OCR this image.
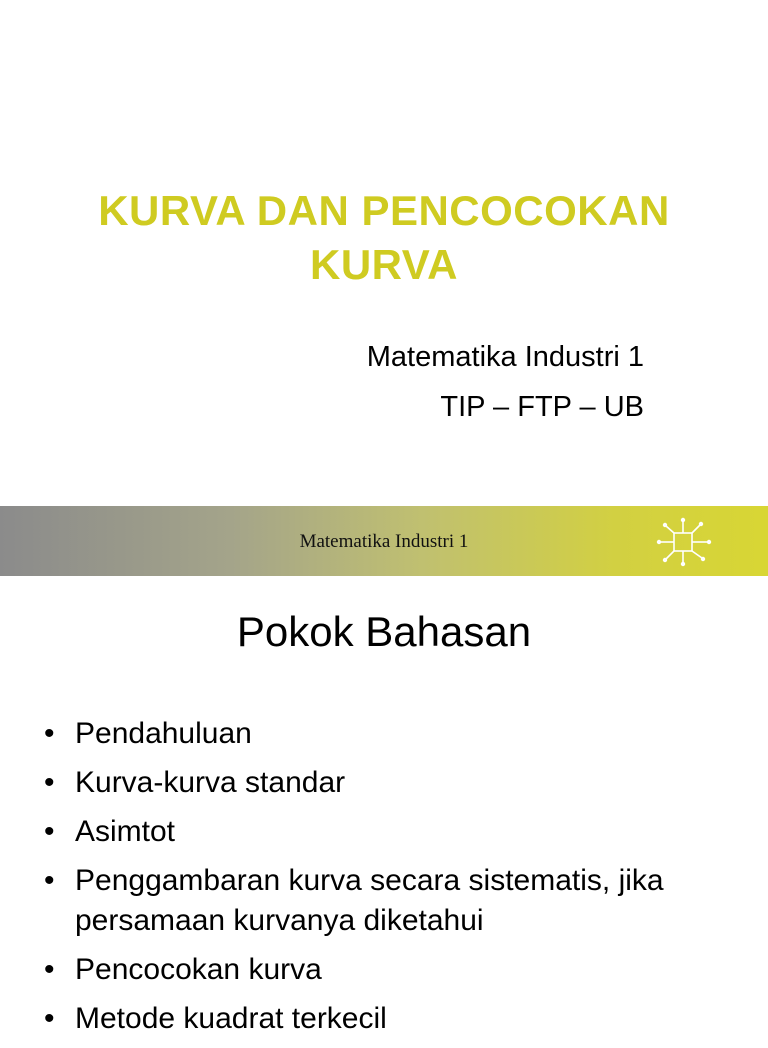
KURVA DAN PENCOCOKAN
KURVA
Matematika Industri 1
TIP – FTP – UB
Matematika Industri 1
Pokok Bahasan
• Pendahuluan
• Kurva-kurva standar
• Asimtot
• Penggambaran kurva secara sistematis, jika persamaan kurvanya diketahui
• Pencocokan kurva
• Metode kuadrat terkecil
